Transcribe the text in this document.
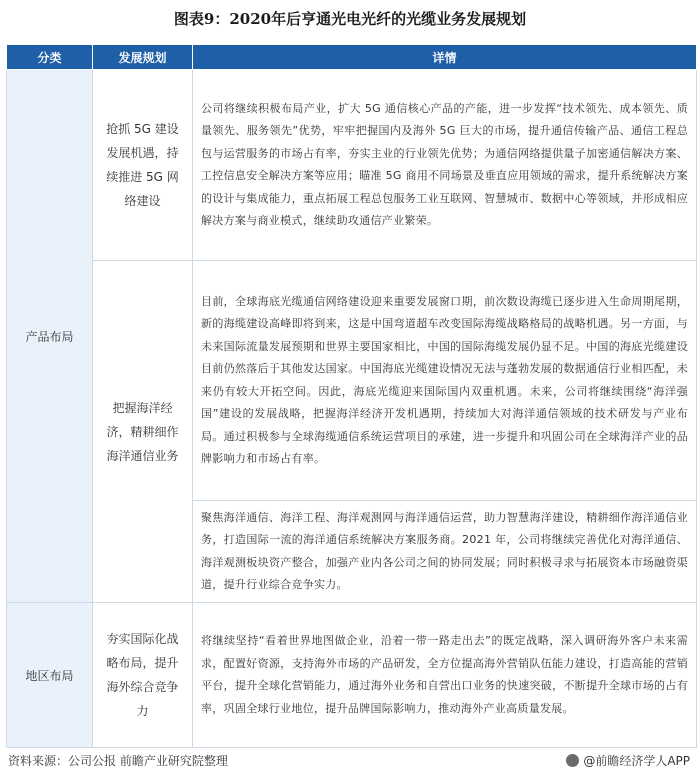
图表9：2020年后亨通光电光纤的光缆业务发展规划
分类	发展规划	详情
产品布局	抢抓 5G 建设发展机遇，持续推进 5G 网络建设	公司将继续积极布局产业，扩大 5G 通信核心产品的产能，进一步发挥“技术领先、成本领先、质量领先、服务领先”优势，牢牢把握国内及海外 5G 巨大的市场，提升通信传输产品、通信工程总包与运营服务的市场占有率，夯实主业的行业领先优势；为通信网络提供量子加密通信解决方案、工控信息安全解决方案等应用；瞄准 5G 商用不同场景及垂直应用领域的需求，提升系统解决方案的设计与集成能力，重点拓展工程总包服务工业互联网、智慧城市、数据中心等领域，并形成相应解决方案与商业模式，继续助攻通信产业繁荣。
	把握海洋经济，精耕细作海洋通信业务	目前，全球海底光缆通信网络建设迎来重要发展窗口期，前次数设海缆已逐步进入生命周期尾期，新的海缆建设高峰即将到来，这是中国弯道超车改变国际海缆战略格局的战略机遇。另一方面，与未来国际流量发展预期和世界主要国家相比，中国的国际海缆发展仍显不足。中国的海底光缆建设目前仍然落后于其他发达国家。中国海底光缆建设情况无法与蓬勃发展的数据通信行业相匹配，未来仍有较大开拓空间。因此，海底光缆迎来国际国内双重机遇。未来，公司将继续围绕“海洋强国”建设的发展战略，把握海洋经济开发机遇期，持续加大对海洋通信领域的技术研发与产业布局。通过积极参与全球海缆通信系统运营项目的承建，进一步提升和巩固公司在全球海洋产业的品牌影响力和市场占有率。
		聚焦海洋通信、海洋工程、海洋观测网与海洋通信运营，助力智慧海洋建设，精耕细作海洋通信业务，打造国际一流的海洋通信系统解决方案服务商。2021 年，公司将继续完善优化对海洋通信、海洋观测板块资产整合，加强产业内各公司之间的协同发展；同时积极寻求与拓展资本市场融资渠道，提升行业综合竞争实力。
地区布局	夯实国际化战略布局，提升海外综合竞争力	将继续坚持“看着世界地图做企业，沿着一带一路走出去”的既定战略，深入调研海外客户未来需求，配置好资源，支持海外市场的产品研发，全方位提高海外营销队伍能力建设，打造高能的营销平台，提升全球化营销能力，通过海外业务和自营出口业务的快速突破，不断提升全球市场的占有率，巩固全球行业地位，提升品牌国际影响力，推动海外产业高质量发展。
资料来源：公司公报 前瞻产业研究院整理	@前瞻经济学人APP
